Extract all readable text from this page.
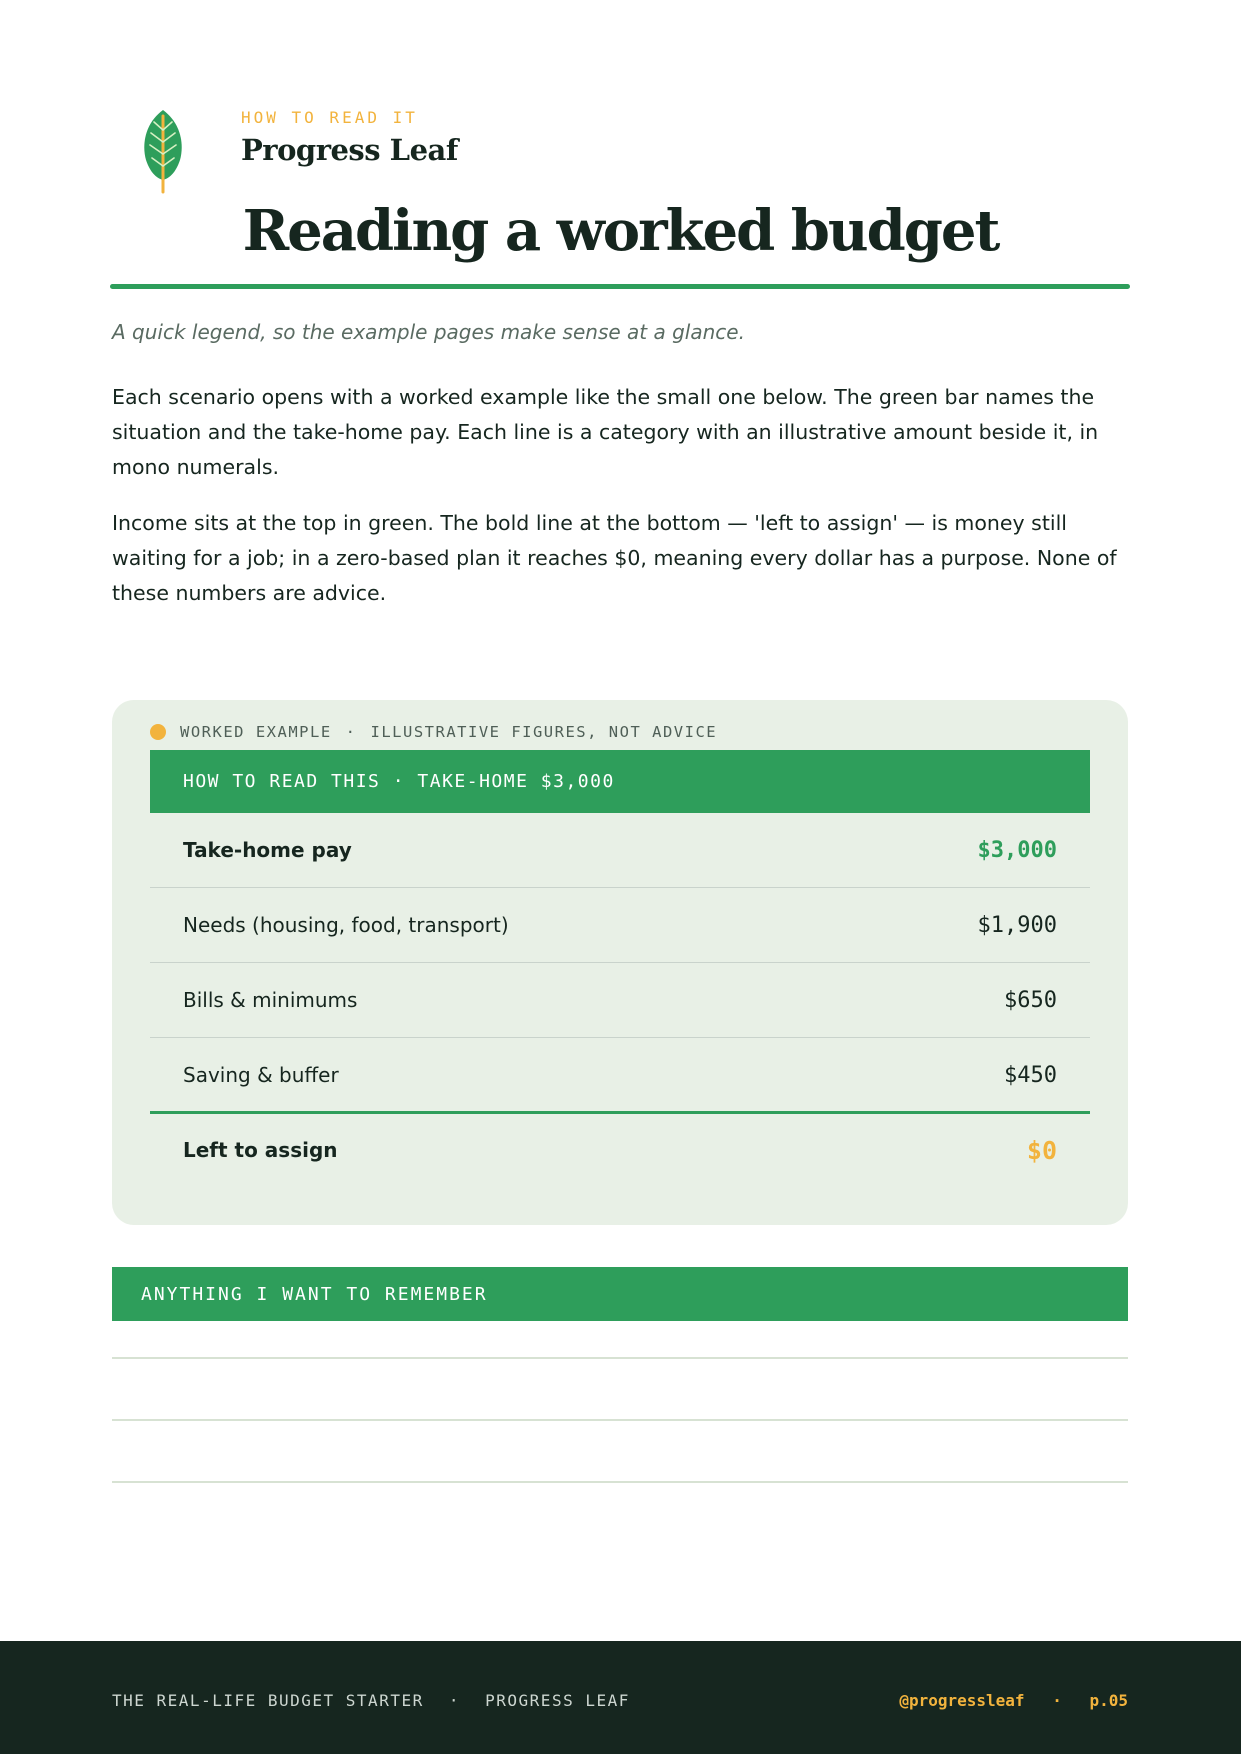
HOW TO READ IT
Progress Leaf
Reading a worked budget

A quick legend, so the example pages make sense at a glance.

Each scenario opens with a worked example like the small one below. The green bar names the situation and the take-home pay. Each line is a category with an illustrative amount beside it, in mono numerals.

Income sits at the top in green. The bold line at the bottom — 'left to assign' — is money still waiting for a job; in a zero-based plan it reaches $0, meaning every dollar has a purpose. None of these numbers are advice.

WORKED EXAMPLE · ILLUSTRATIVE FIGURES, NOT ADVICE
HOW TO READ THIS · TAKE-HOME $3,000
Take-home pay	$3,000
Needs (housing, food, transport)	$1,900
Bills & minimums	$650
Saving & buffer	$450
Left to assign	$0
ANYTHING I WANT TO REMEMBER
THE REAL-LIFE BUDGET STARTER · PROGRESS LEAF	@progressleaf · p.05
